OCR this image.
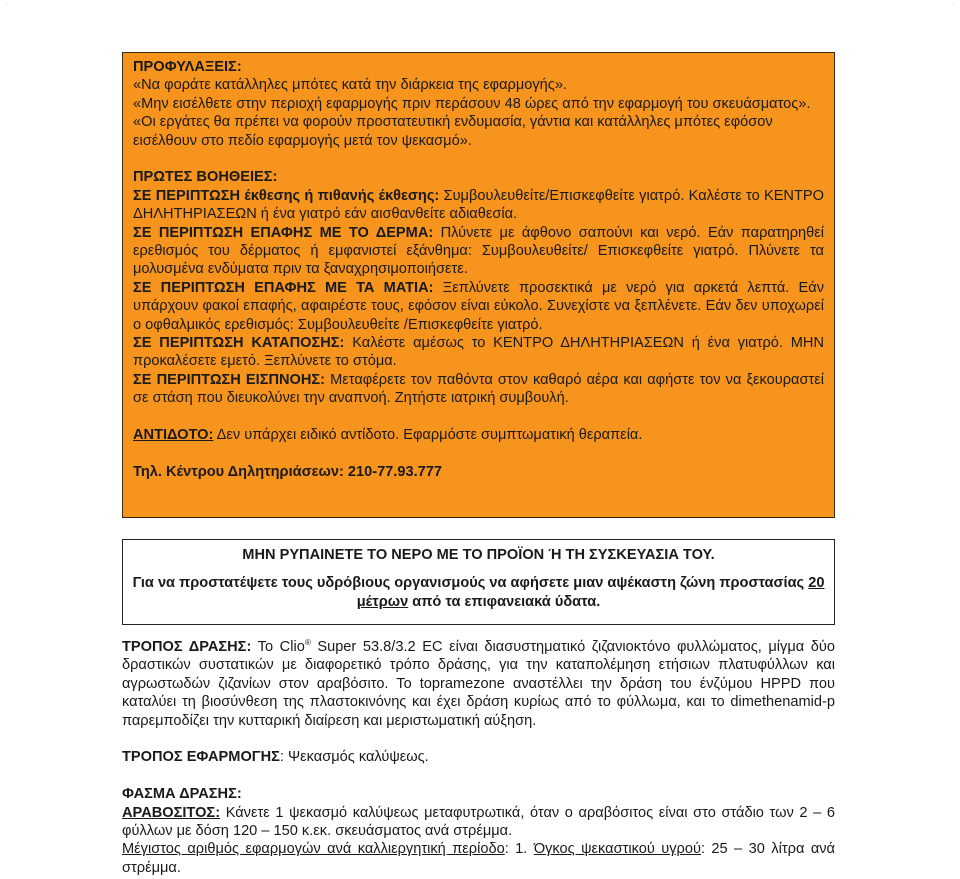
·	·

ΠΡΟΦΥΛΑΞΕΙΣ:

«Να φοράτε κατάλληλες μπότες κατά την διάρκεια της εφαρμογής».

«Μην εισέλθετε στην περιοχή εφαρμογής πριν περάσουν 48 ώρες από την εφαρμογή του σκευάσματος».

«Οι εργάτες θα πρέπει να φορούν προστατευτική ενδυμασία, γάντια και κατάλληλες μπότες εφόσον εισέλθουν στο πεδίο εφαρμογής μετά τον ψεκασμό».

ΠΡΩΤΕΣ ΒΟΗΘΕΙΕΣ:

ΣΕ ΠΕΡΙΠΤΩΣΗ έκθεσης ή πιθανής έκθεσης: Συμβουλευθείτε/Επισκεφθείτε γιατρό. Καλέστε το ΚΕΝΤΡΟ ΔΗΛΗΤΗΡΙΑΣΕΩΝ ή ένα γιατρό εάν αισθανθείτε αδιαθεσία.

ΣΕ ΠΕΡΙΠΤΩΣΗ ΕΠΑΦΗΣ ΜΕ ΤΟ ΔΕΡΜΑ: Πλύνετε με άφθονο σαπούνι και νερό. Εάν παρατηρηθεί ερεθισμός του δέρματος ή εμφανιστεί εξάνθημα: Συμβουλευθείτε/ Επισκεφθείτε γιατρό. Πλύνετε τα μολυσμένα ενδύματα πριν τα ξαναχρησιμοποιήσετε.

ΣΕ ΠΕΡΙΠΤΩΣΗ ΕΠΑΦΗΣ ΜΕ ΤΑ ΜΑΤΙΑ: Ξεπλύνετε προσεκτικά με νερό για αρκετά λεπτά. Εάν υπάρχουν φακοί επαφής, αφαιρέστε τους, εφόσον είναι εύκολο. Συνεχίστε να ξεπλένετε. Εάν δεν υποχωρεί ο οφθαλμικός ερεθισμός: Συμβουλευθείτε /Επισκεφθείτε γιατρό.

ΣΕ ΠΕΡΙΠΤΩΣΗ ΚΑΤΑΠΟΣΗΣ: Καλέστε αμέσως το ΚΕΝΤΡΟ ΔΗΛΗΤΗΡΙΑΣΕΩΝ ή ένα γιατρό. ΜΗΝ προκαλέσετε εμετό. Ξεπλύνετε το στόμα.

ΣΕ ΠΕΡΙΠΤΩΣΗ ΕΙΣΠΝΟΗΣ: Μεταφέρετε τον παθόντα στον καθαρό αέρα και αφήστε τον να ξεκουραστεί σε στάση που διευκολύνει την αναπνοή. Ζητήστε ιατρική συμβουλή.

ΑΝΤΙΔΟΤΟ: Δεν υπάρχει ειδικό αντίδοτο. Εφαρμόστε συμπτωματική θεραπεία.

Τηλ. Κέντρου Δηλητηριάσεων: 210-77.93.777

ΜΗΝ ΡΥΠΑΙΝΕΤΕ ΤΟ ΝΕΡΟ ΜΕ ΤΟ ΠΡΟΪΟΝ Ή ΤΗ ΣΥΣΚΕΥΑΣΙΑ ΤΟΥ.

Για να προστατέψετε τους υδρόβιους οργανισμούς να αφήσετε μιαν αψέκαστη ζώνη προστασίας 20 μέτρων από τα επιφανειακά ύδατα.

ΤΡΟΠΟΣ ΔΡΑΣΗΣ: Το Clio® Super 53.8/3.2 EC είναι διασυστηματικό ζιζανιοκτόνο φυλλώματος, μίγμα δύο δραστικών συστατικών με διαφορετικό τρόπο δράσης, για την καταπολέμηση ετήσιων πλατυφύλλων και αγρωστωδών ζιζανίων στον αραβόσιτο. Το topramezone αναστέλλει την δράση του ένζύμου HPPD που καταλύει τη βιοσύνθεση της πλαστοκινόνης και έχει δράση κυρίως από το φύλλωμα, και το dimethenamid-p παρεμποδίζει την κυτταρική διαίρεση και μεριστωματική αύξηση.

ΤΡΟΠΟΣ ΕΦΑΡΜΟΓΗΣ: Ψεκασμός καλύψεως.

ΦΑΣΜΑ ΔΡΑΣΗΣ:

ΑΡΑΒΟΣΙΤΟΣ: Κάνετε 1 ψεκασμό καλύψεως μεταφυτρωτικά, όταν ο αραβόσιτος είναι στο στάδιο των 2 – 6 φύλλων με δόση 120 – 150 κ.εκ. σκευάσματος ανά στρέμμα.

Μέγιστος αριθμός εφαρμογών ανά καλλιεργητική περίοδο: 1. Όγκος ψεκαστικού υγρού: 25 – 30 λίτρα ανά στρέμμα.
